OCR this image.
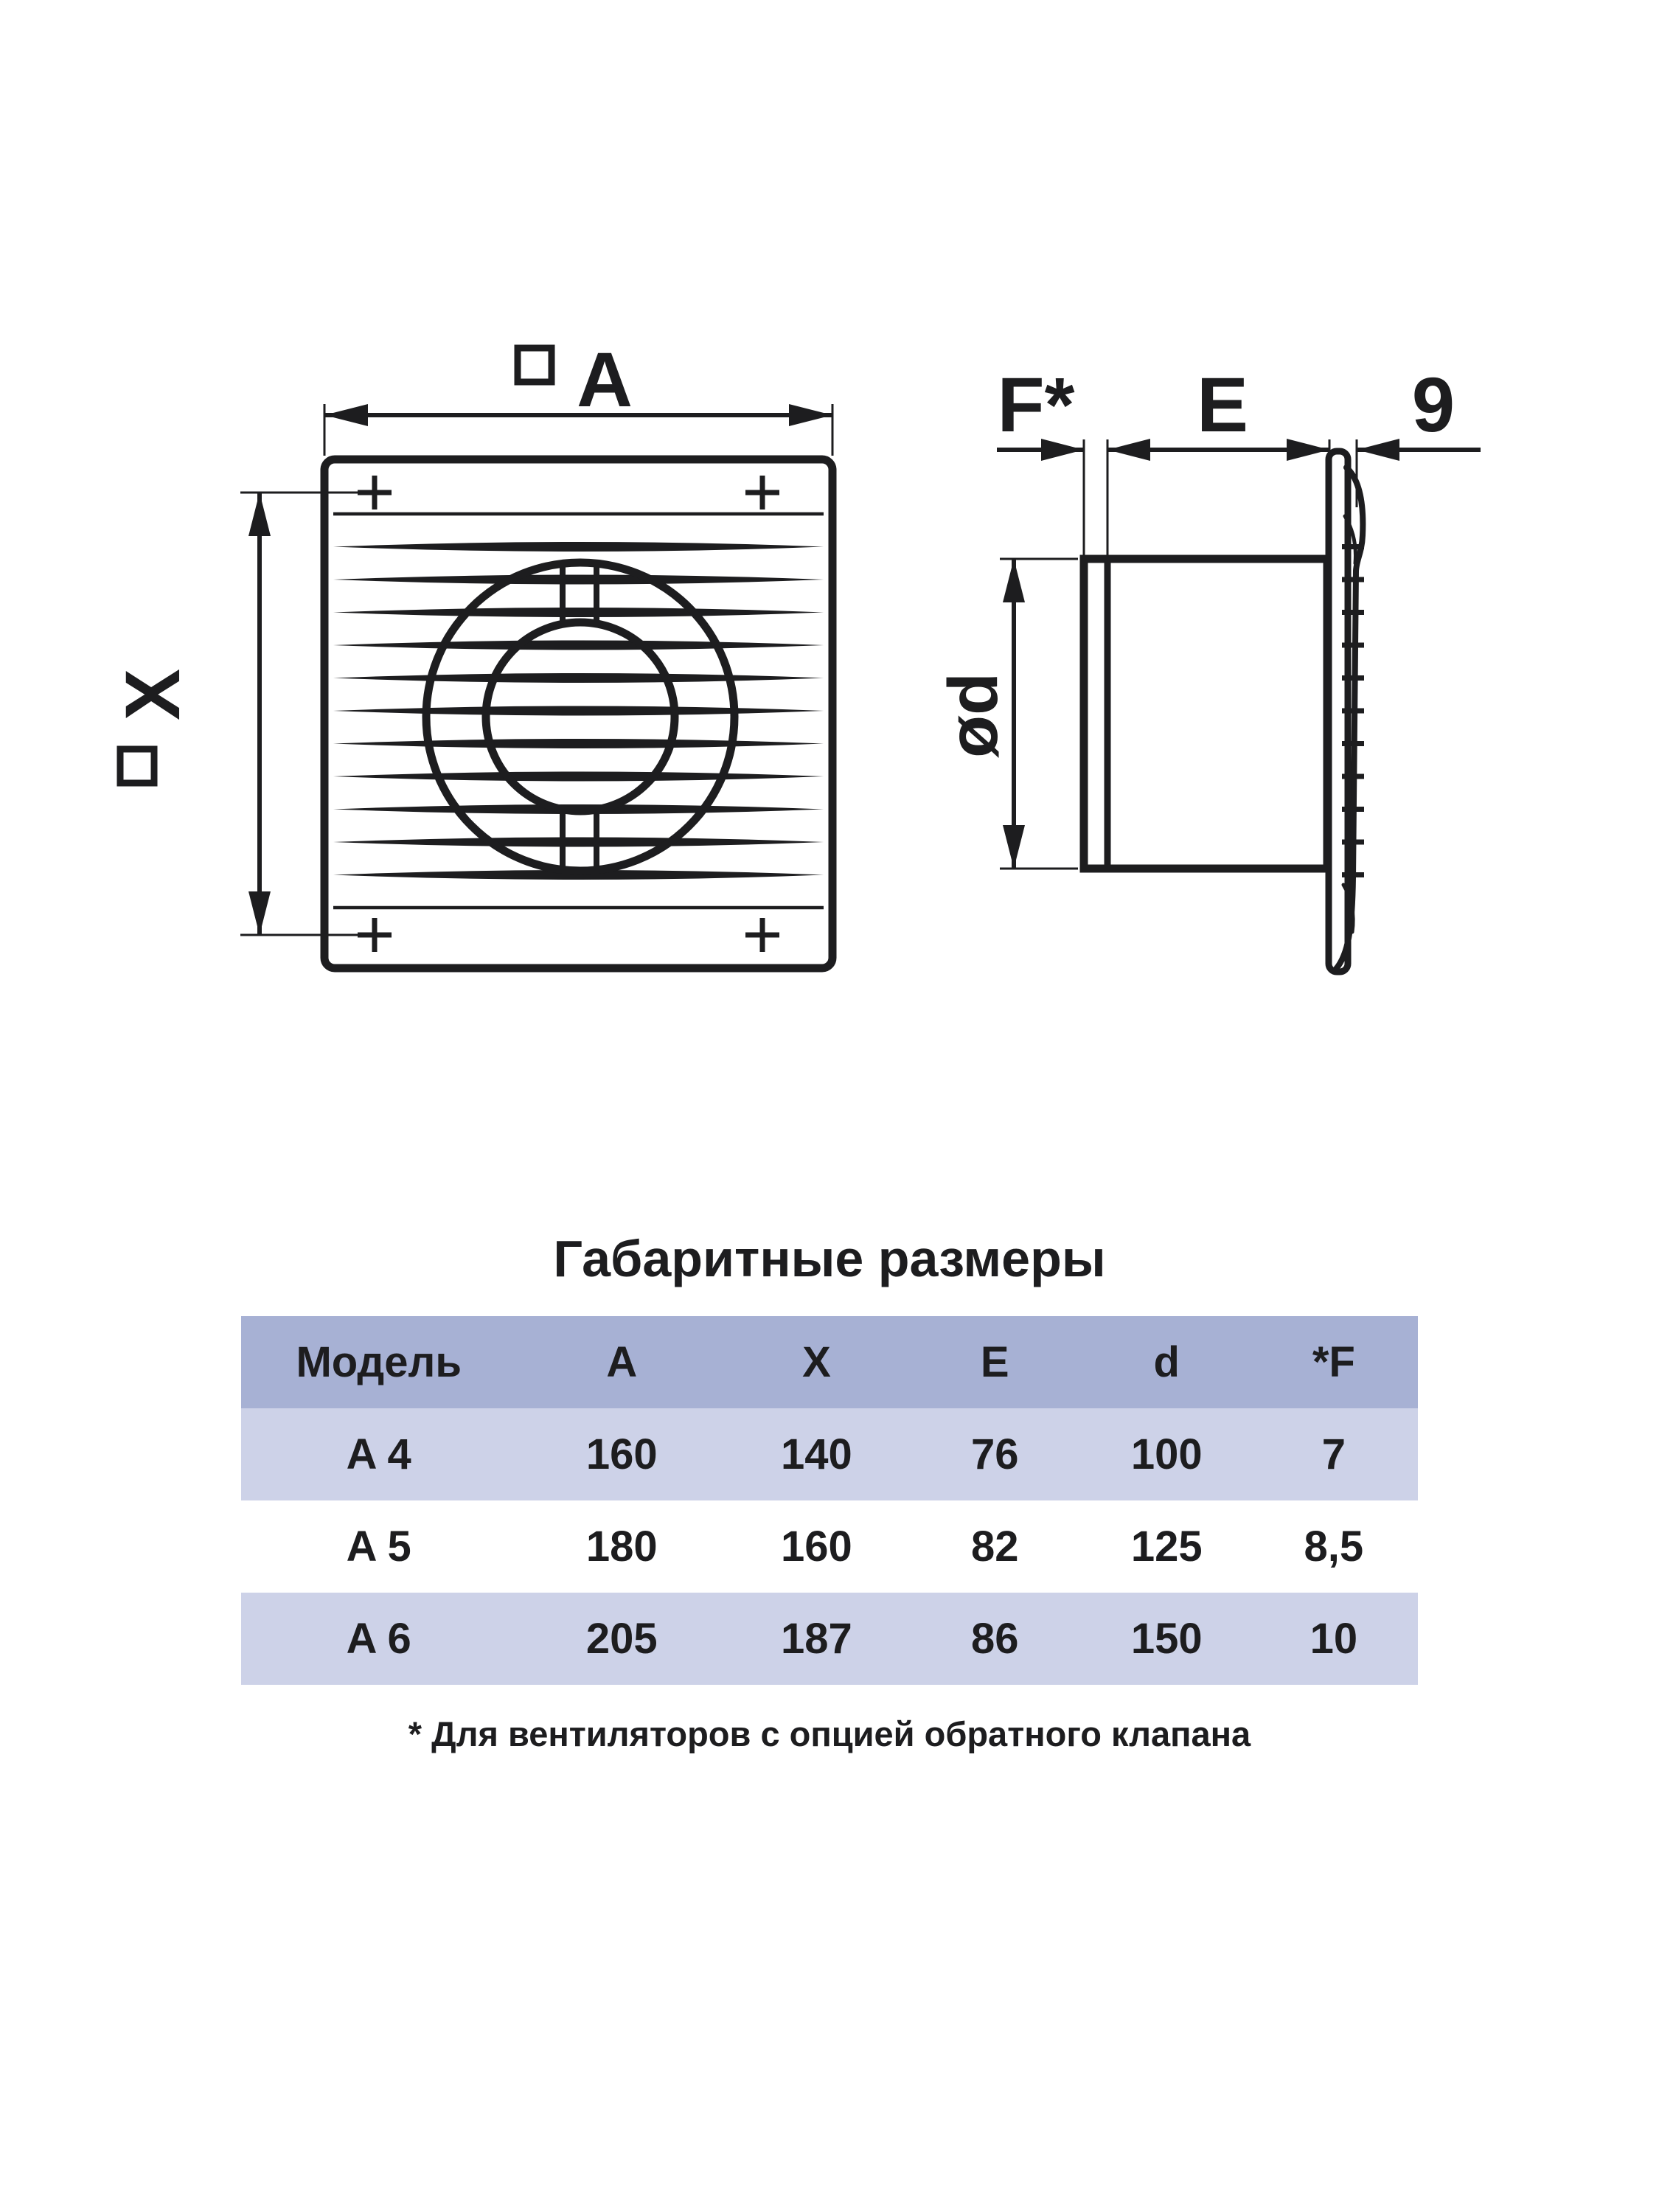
A
X
F* E 9
ød
Габаритные размеры
Модель	A	X	E	d	*F
A 4	160	140	76	100	7
A 5	180	160	82	125	8,5
A 6	205	187	86	150	10

* Для вентиляторов с опцией обратного клапана
